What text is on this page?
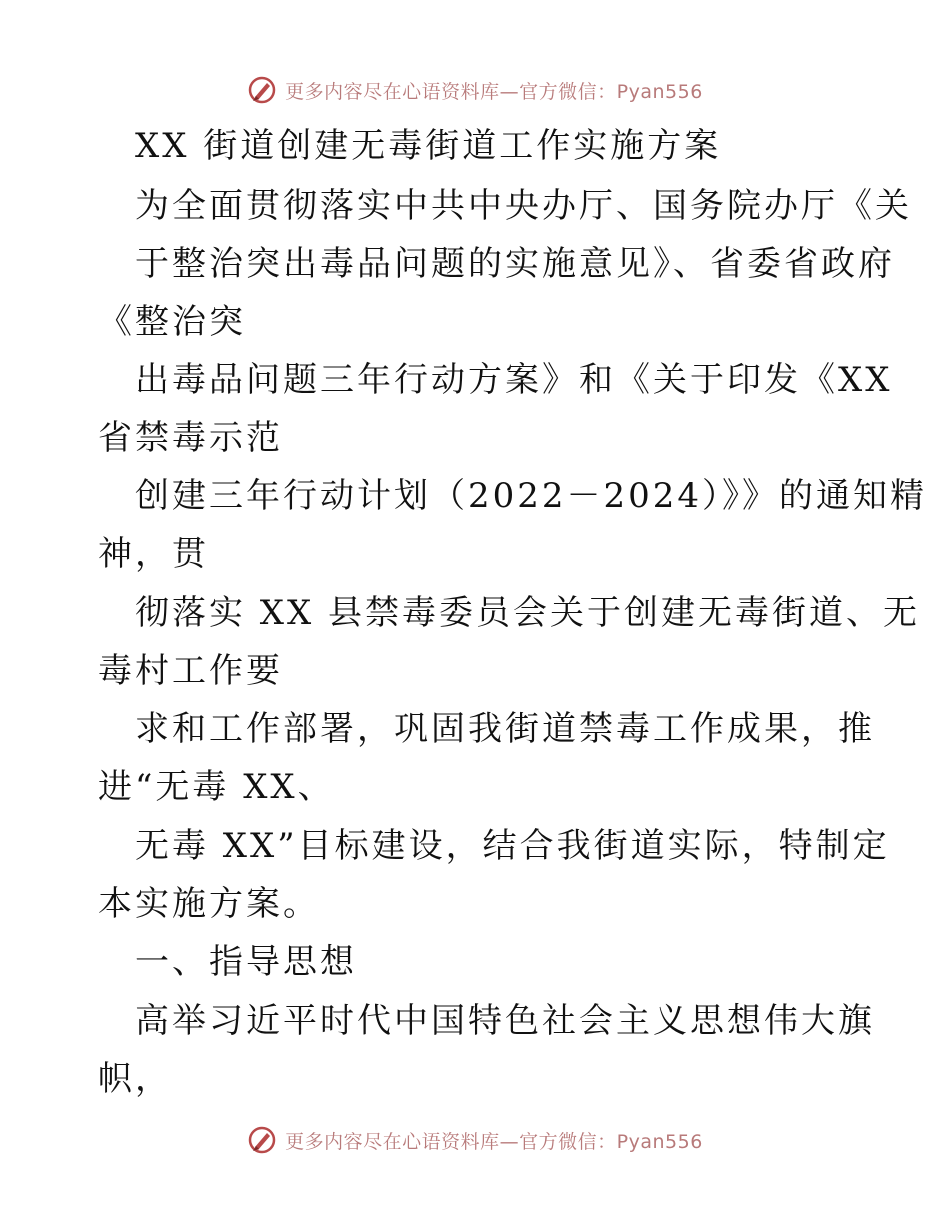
更多内容尽在心语资料库—官方微信：Pyan556
XX 街道创建无毒街道工作实施方案
为全面贯彻落实中共中央办厅、国务院办厅《关
于整治突出毒品问题的实施意见》、省委省政府
《整治突
出毒品问题三年行动方案》和《关于印发《XX
省禁毒示范
创建三年行动计划（2022－2024）》》的通知精
神，贯
彻落实 XX 县禁毒委员会关于创建无毒街道、无
毒村工作要
求和工作部署，巩固我街道禁毒工作成果，推
进“无毒 XX、
无毒 XX”目标建设，结合我街道实际，特制定
本实施方案。
一、指导思想
高举习近平时代中国特色社会主义思想伟大旗
帜，
更多内容尽在心语资料库—官方微信：Pyan556
